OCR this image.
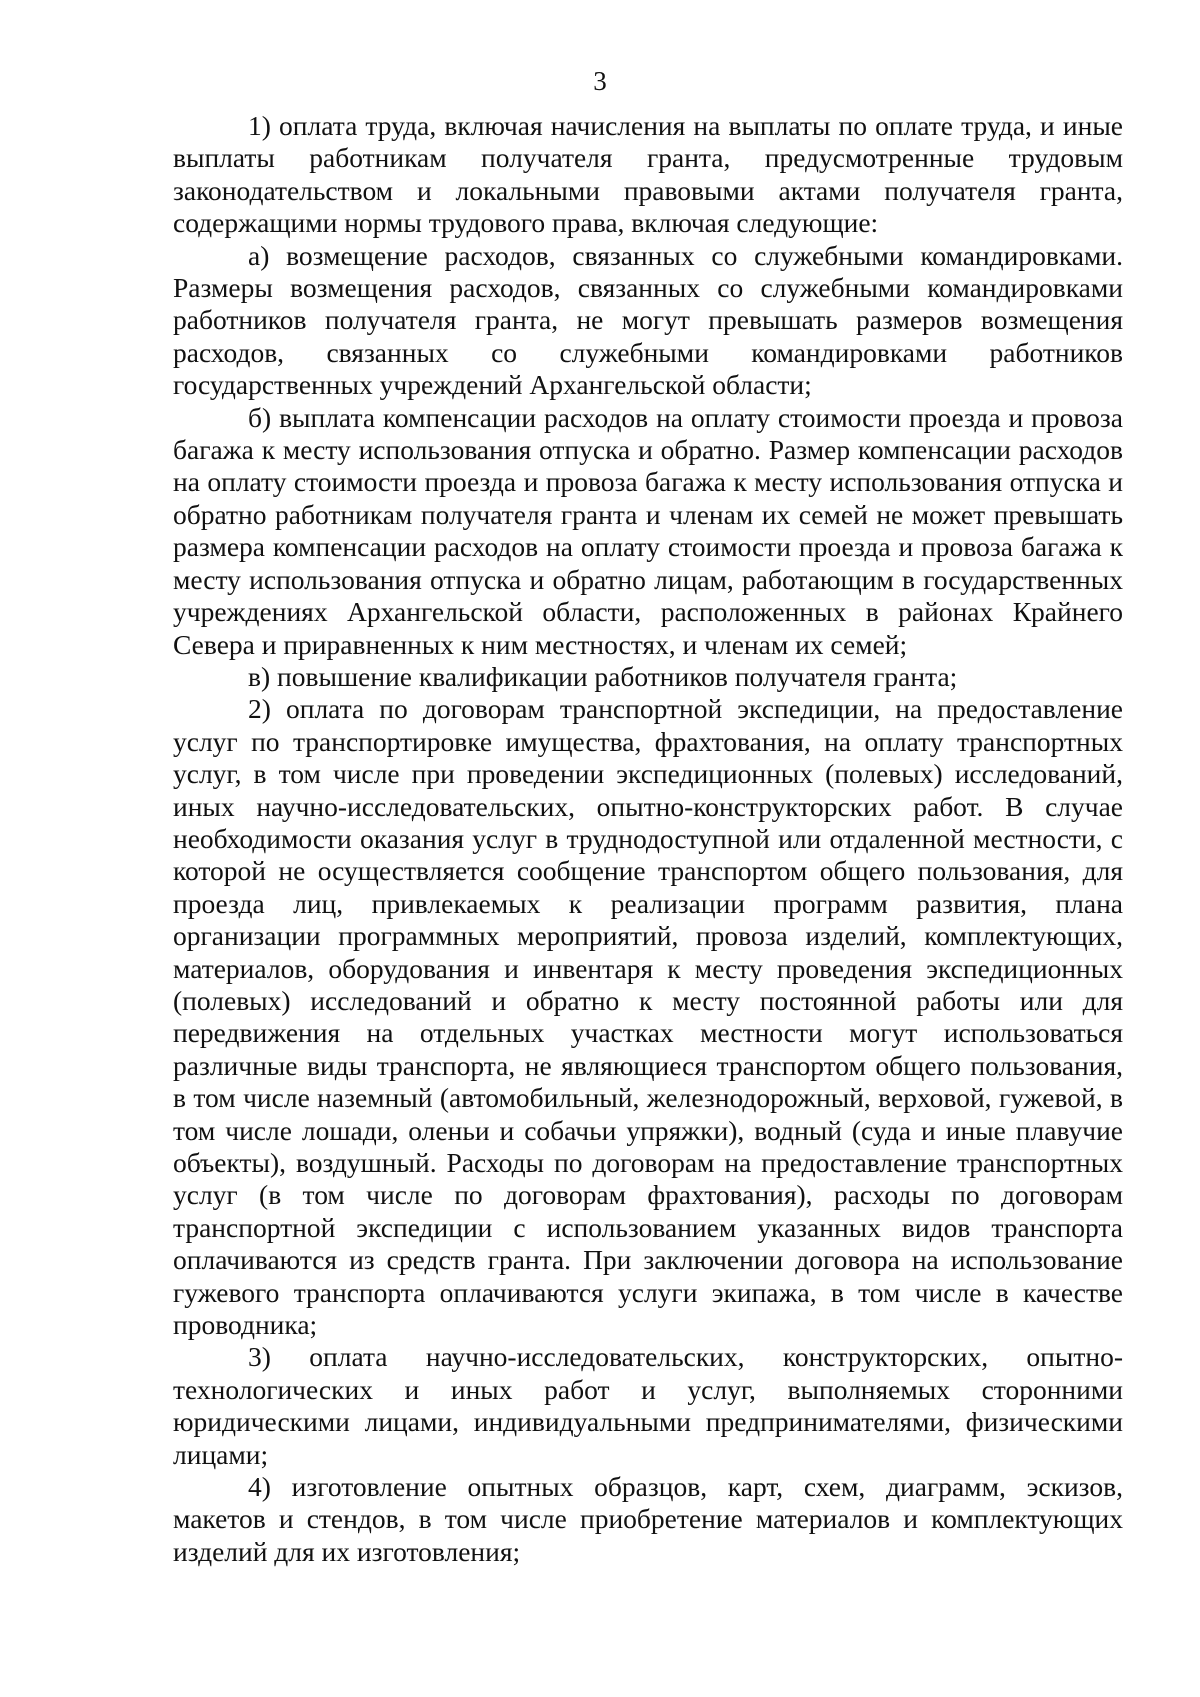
3

1) оплата труда, включая начисления на выплаты по оплате труда, и иные выплаты работникам получателя гранта, предусмотренные трудовым законодательством и локальными правовыми актами получателя гранта, содержащими нормы трудового права, включая следующие:

а) возмещение расходов, связанных со служебными командировками. Размеры возмещения расходов, связанных со служебными командировками работников получателя гранта, не могут превышать размеров возмещения расходов, связанных со служебными командировками работников государственных учреждений Архангельской области;

б) выплата компенсации расходов на оплату стоимости проезда и провоза багажа к месту использования отпуска и обратно. Размер компенсации расходов на оплату стоимости проезда и провоза багажа к месту использования отпуска и обратно работникам получателя гранта и членам их семей не может превышать размера компенсации расходов на оплату стоимости проезда и провоза багажа к месту использования отпуска и обратно лицам, работающим в государственных учреждениях Архангельской области, расположенных в районах Крайнего Севера и приравненных к ним местностях, и членам их семей;

в) повышение квалификации работников получателя гранта;

2) оплата по договорам транспортной экспедиции, на предоставление услуг по транспортировке имущества, фрахтования, на оплату транспортных услуг, в том числе при проведении экспедиционных (полевых) исследований, иных научно-исследовательских, опытно-конструкторских работ. В случае необходимости оказания услуг в труднодоступной или отдаленной местности, с которой не осуществляется сообщение транспортом общего пользования, для проезда лиц, привлекаемых к реализации программ развития, плана организации программных мероприятий, провоза изделий, комплектующих, материалов, оборудования и инвентаря к месту проведения экспедиционных (полевых) исследований и обратно к месту постоянной работы или для передвижения на отдельных участках местности могут использоваться различные виды транспорта, не являющиеся транспортом общего пользования, в том числе наземный (автомобильный, железнодорожный, верховой, гужевой, в том числе лошади, оленьи и собачьи упряжки), водный (суда и иные плавучие объекты), воздушный. Расходы по договорам на предоставление транспортных услуг (в том числе по договорам фрахтования), расходы по договорам транспортной экспедиции с использованием указанных видов транспорта оплачиваются из средств гранта. При заключении договора на использование гужевого транспорта оплачиваются услуги экипажа, в том числе в качестве проводника;

3) оплата научно-исследовательских, конструкторских, опытно-технологических и иных работ и услуг, выполняемых сторонними юридическими лицами, индивидуальными предпринимателями, физическими лицами;

4) изготовление опытных образцов, карт, схем, диаграмм, эскизов, макетов и стендов, в том числе приобретение материалов и комплектующих изделий для их изготовления;
